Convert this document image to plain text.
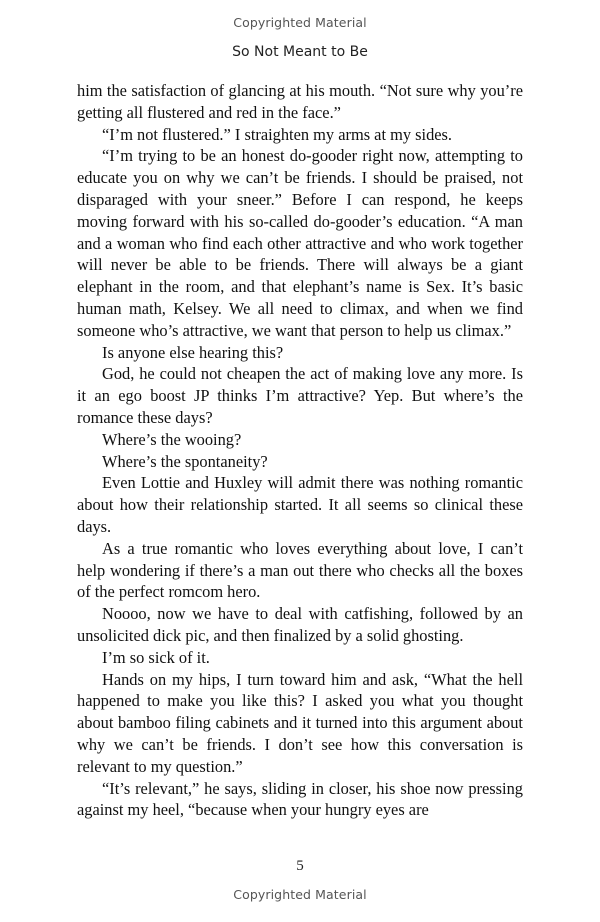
Copyrighted Material
So Not Meant to Be

him the satisfaction of glancing at his mouth. “Not sure why you’re getting all flustered and red in the face.”

“I’m not flustered.” I straighten my arms at my sides.

“I’m trying to be an honest do-gooder right now, attempting to educate you on why we can’t be friends. I should be praised, not disparaged with your sneer.” Before I can respond, he keeps moving forward with his so-called do-gooder’s education. “A man and a woman who find each other attractive and who work together will never be able to be friends. There will always be a giant elephant in the room, and that elephant’s name is Sex. It’s basic human math, Kelsey. We all need to climax, and when we find someone who’s attractive, we want that person to help us climax.”

Is anyone else hearing this?

God, he could not cheapen the act of making love any more. Is it an ego boost JP thinks I’m attractive? Yep. But where’s the romance these days?

Where’s the wooing?

Where’s the spontaneity?

Even Lottie and Huxley will admit there was nothing romantic about how their relationship started. It all seems so clinical these days.

As a true romantic who loves everything about love, I can’t help wondering if there’s a man out there who checks all the boxes of the perfect romcom hero.

Noooo, now we have to deal with catfishing, followed by an unsolicited dick pic, and then finalized by a solid ghosting.

I’m so sick of it.

Hands on my hips, I turn toward him and ask, “What the hell happened to make you like this? I asked you what you thought about bamboo filing cabinets and it turned into this argument about why we can’t be friends. I don’t see how this conversation is relevant to my question.”

“It’s relevant,” he says, sliding in closer, his shoe now pressing against my heel, “because when your hungry eyes are

5
Copyrighted Material
